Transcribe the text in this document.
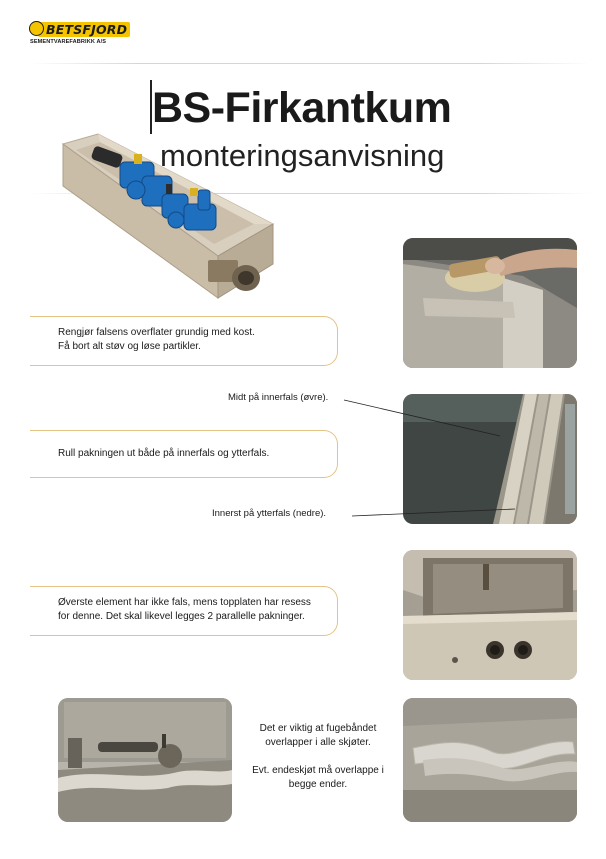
BETSFJORD
SEMENTVAREFABRIKK A/S
BS-Firkantkum
monteringsanvisning
Rengjør falsens overflater grundig med kost.
Få bort alt støv og løse partikler.
Midt på innerfals (øvre).
Innerst på ytterfals (nedre).
Rull pakningen ut både på innerfals og ytterfals.
Øverste element har ikke fals, mens topplaten har resess
for denne. Det skal likevel legges 2 parallelle pakninger.
Det er viktig at fugebåndet
overlapper i alle skjøter.
Evt. endeskjøt må overlappe i
begge ender.
